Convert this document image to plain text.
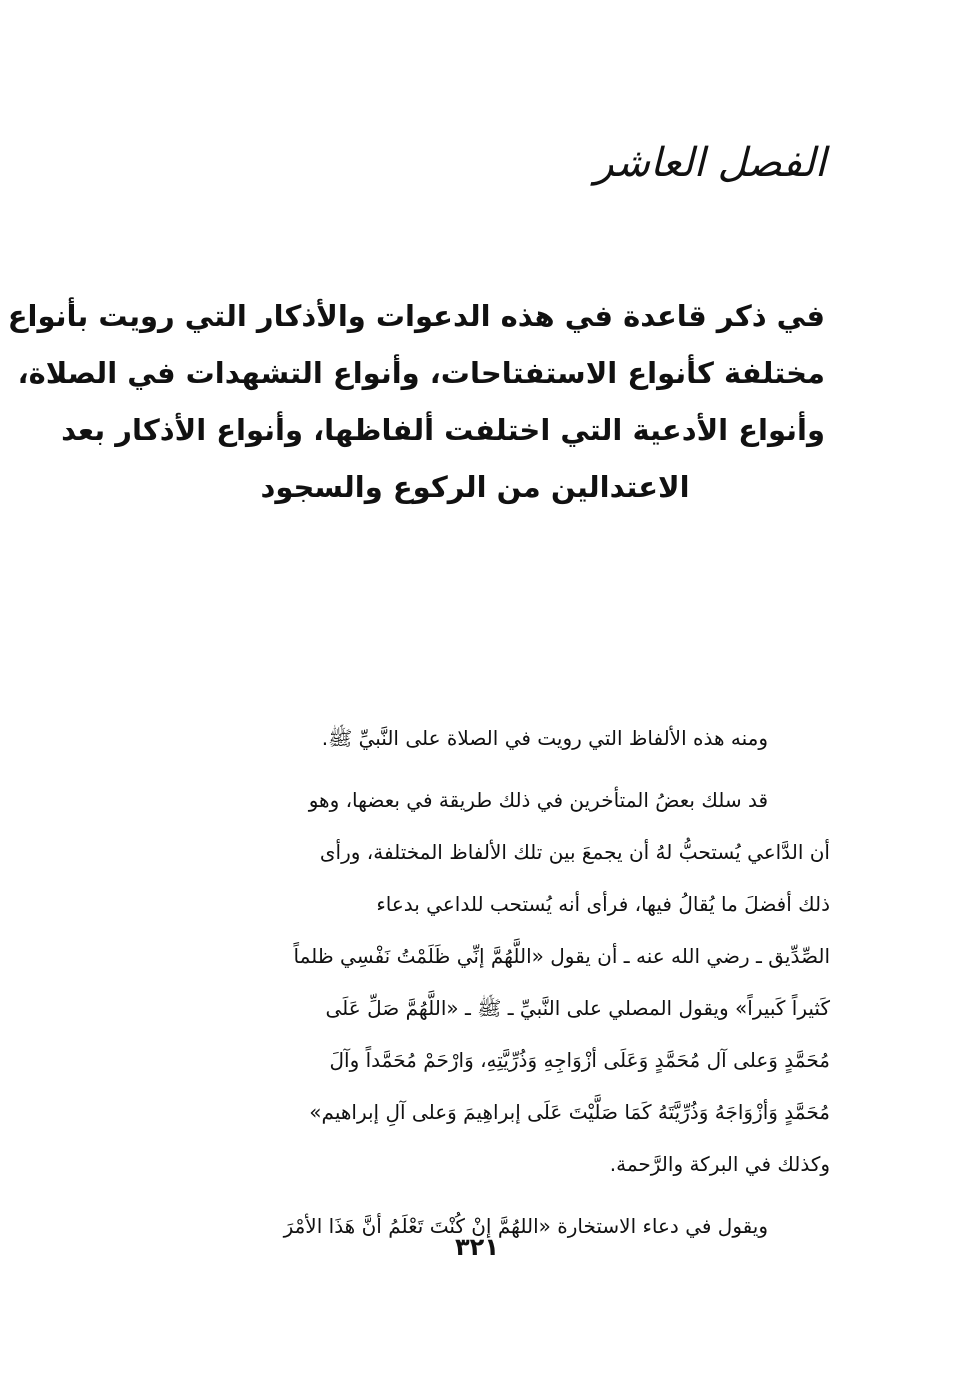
الفصل العاشر
في ذكر قاعدة في هذه الدعوات والأذكار التي رويت بأنواع
مختلفة كأنواع الاستفتاحات، وأنواع التشهدات في الصلاة،
وأنواع الأدعية التي اختلفت ألفاظها، وأنواع الأذكار بعد
الاعتدالين من الركوع والسجود
ومنه هذه الألفاظ التي رويت في الصلاة على النَّبيِّ ﷺ.
قد سلك بعضُ المتأخرين في ذلك طريقة في بعضها، وهو
أن الدَّاعي يُستحبُّ لهُ أن يجمعَ بين تلك الألفاظ المختلفة، ورأى
ذلك أفضلَ ما يُقالُ فيها، فرأى أنه يُستحب للداعي بدعاء
الصِّدِّيق ـ رضي الله عنه ـ أن يقول «اللَّهُمَّ إنِّي ظَلَمْتُ نَفْسِي ظلماً
كَثيراً كَبيراً» ويقول المصلي على النَّبيِّ ـ ﷺ ـ «اللَّهُمَّ صَلِّ عَلَى
مُحَمَّدٍ وَعلى آل مُحَمَّدٍ وَعَلَى أزْوَاجِهِ وَذُرِّيَّتِهِ، وَارْحَمْ مُحَمَّداً وآلَ
مُحَمَّدٍ وَأزْوَاجَهُ وَذُرِّيَّتَهُ كَمَا صَلَّيْتَ عَلَى إبراهِيمَ وَعلى آلِ إبراهيم»
وكذلك في البركة والرَّحمة.
ويقول في دعاء الاستخارة «اللهُمَّ إنْ كُنْتَ تَعْلَمُ أنَّ هَذَا الأمْرَ
٣٢١
